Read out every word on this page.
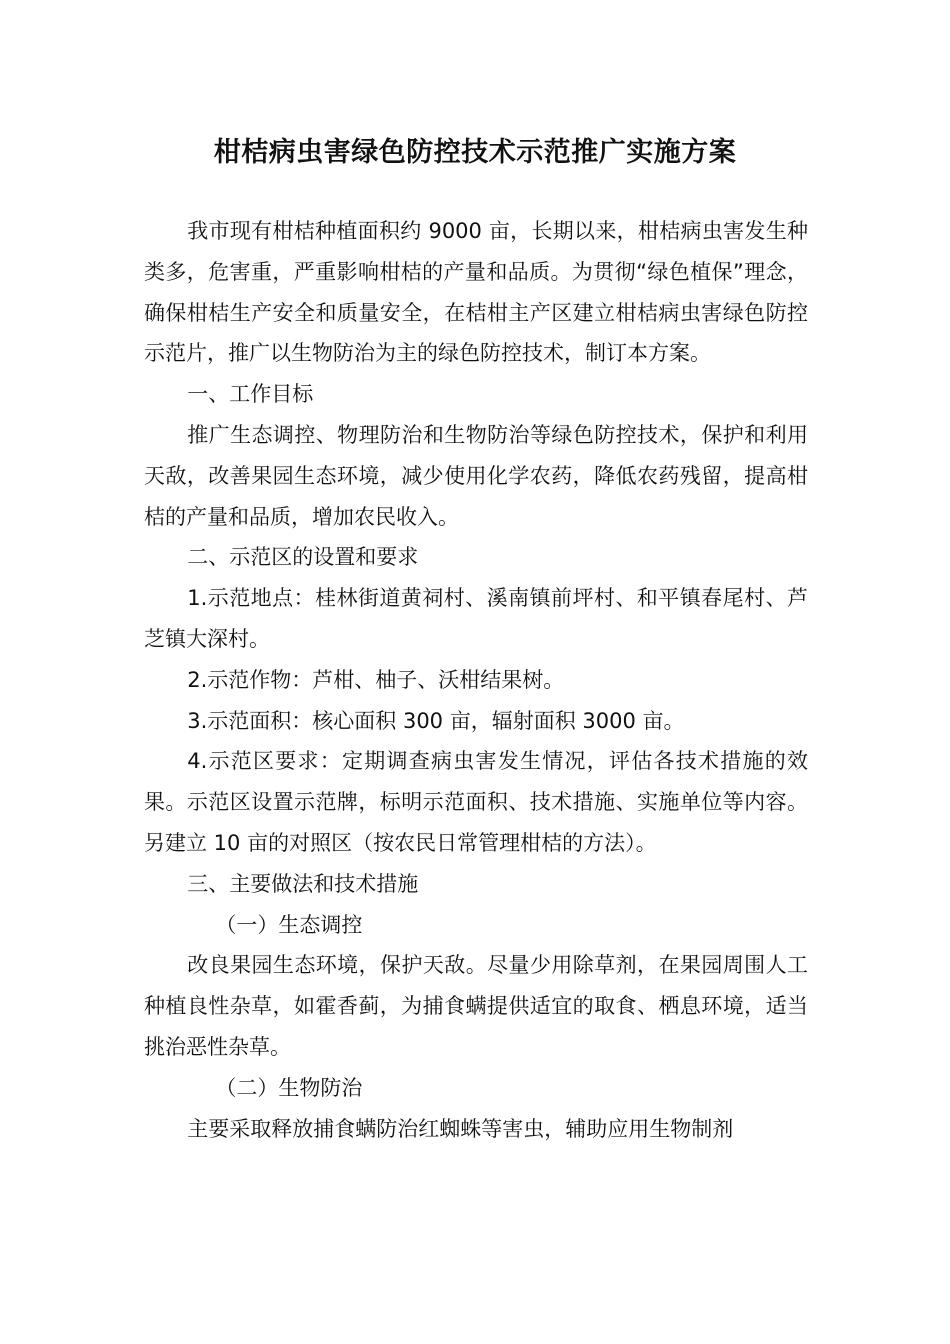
柑桔病虫害绿色防控技术示范推广实施方案

我市现有柑桔种植面积约 9000 亩，长期以来，柑桔病虫害发生种类多，危害重，严重影响柑桔的产量和品质。为贯彻“绿色植保”理念，确保柑桔生产安全和质量安全，在桔柑主产区建立柑桔病虫害绿色防控示范片，推广以生物防治为主的绿色防控技术，制订本方案。

一、工作目标

推广生态调控、物理防治和生物防治等绿色防控技术，保护和利用天敌，改善果园生态环境，减少使用化学农药，降低农药残留，提高柑桔的产量和品质，增加农民收入。

二、示范区的设置和要求

1.示范地点：桂林街道黄祠村、溪南镇前坪村、和平镇春尾村、芦芝镇大深村。

2.示范作物：芦柑、柚子、沃柑结果树。

3.示范面积：核心面积 300 亩，辐射面积 3000 亩。

4.示范区要求：定期调查病虫害发生情况，评估各技术措施的效果。示范区设置示范牌，标明示范面积、技术措施、实施单位等内容。另建立 10 亩的对照区（按农民日常管理柑桔的方法）。

三、主要做法和技术措施

（一）生态调控

改良果园生态环境，保护天敌。尽量少用除草剂，在果园周围人工种植良性杂草，如霍香蓟，为捕食螨提供适宜的取食、栖息环境，适当挑治恶性杂草。

（二）生物防治

主要采取释放捕食螨防治红蜘蛛等害虫，辅助应用生物制剂
